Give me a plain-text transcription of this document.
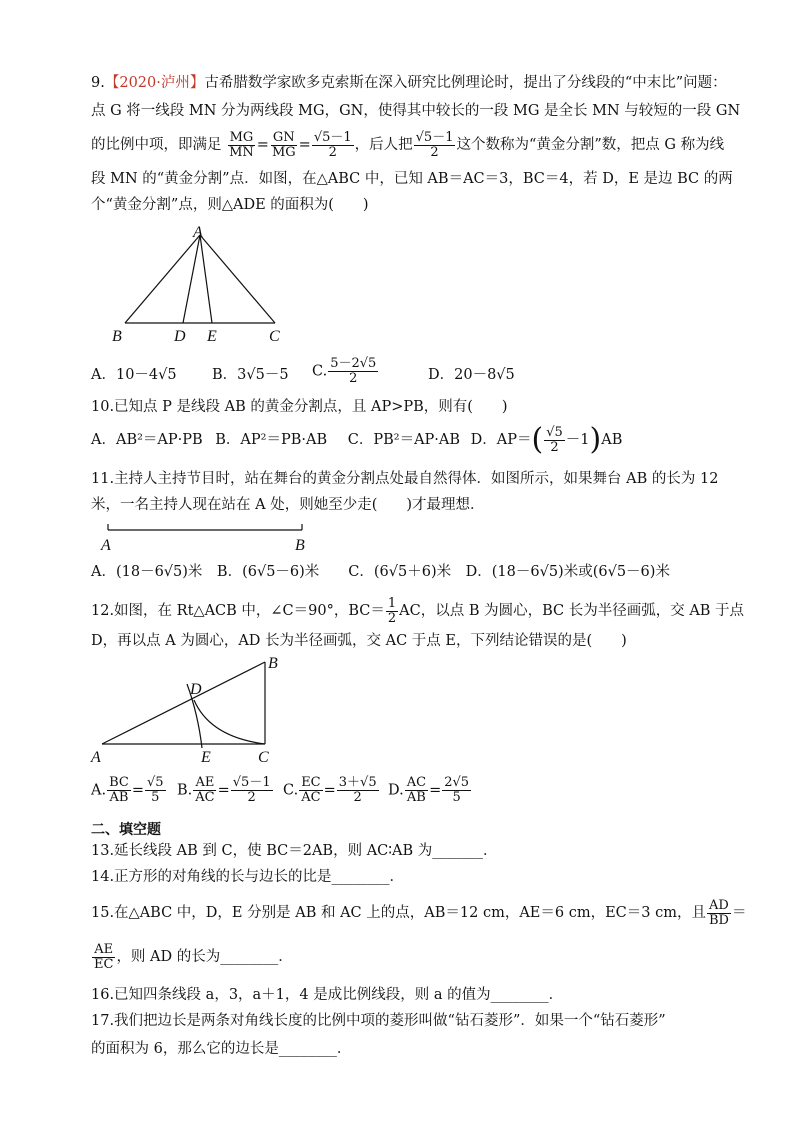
9.【2020·泸州】古希腊数学家欧多克索斯在深入研究比例理论时，提出了分线段的“中末比”问题：
点 G 将一线段 MN 分为两线段 MG，GN，使得其中较长的一段 MG 是全长 MN 与较短的一段 GN
的比例中项，即满足 $\frac{MG}{MN} = \frac{GN}{MG} = \frac{√5-1}{2}$ ，后人把 $\frac{√5-1}{2}$ 这个数称为“黄金分割”数，把点 G 称为线
段 MN 的“黄金分割”点．如图，在△ABC 中，已知 AB＝AC＝3，BC＝4，若 D，E 是边 BC 的两
个“黄金分割”点，则△ADE 的面积为(　　)
A
B	D E	C
A．10－4√5 B．3√5－5 C. $\frac{5-2√5}{2}$	D．20－8√5
10.已知点 P 是线段 AB 的黄金分割点，且 AP>PB，则有(　　)
A．AB²＝AP·PB B．AP²＝PB·AB C．PB²＝AP·AB D．$AP=( \frac{√5}{2} -1)AB$
11.主持人主持节目时，站在舞台的黄金分割点处最自然得体．如图所示，如果舞台 AB 的长为 12
米，一名主持人现在站在 A 处，则她至少走(　　)才最理想．
A	B
A．(18－6√5)米　B．(6√5－6)米　　C．(6√5＋6)米　D．(18－6√5)米或(6√5－6)米
12.如图，在 Rt△ACB 中，∠C＝90°，$BC= \frac{1}{2}$ AC，以点 B 为圆心，BC 长为半径画弧，交 AB 于点
D，再以点 A 为圆心，AD 长为半径画弧，交 AC 于点 E，下列结论错误的是(　　)
A
B
C
D
E
A. $\frac{BC}{AB} = \frac{√5}{5} B$. $\frac{AE}{AC} = \frac{√5-1}{2} C$. $\frac{EC}{AC} = \frac{3+√5}{2} D$. $\frac{AC}{AB} = \frac{2√5}{5}$
二、填空题
13.延长线段 AB 到 C，使 BC＝2AB，则 AC∶AB 为_______．
14.正方形的对角线的长与边长的比是________．
15.在△ABC 中，D，E 分别是 AB 和 AC 上的点，AB＝12 cm，AE＝6 cm，EC＝3 cm，且 $\frac{AD}{BD}$ ＝
$\frac{AE}{EC}$ ，则 AD 的长为________．
16.已知四条线段 a，3，a＋1，4 是成比例线段，则 a 的值为________．
17.我们把边长是两条对角线长度的比例中项的菱形叫做“钻石菱形”．如果一个“钻石菱形”
的面积为 6，那么它的边长是________．
